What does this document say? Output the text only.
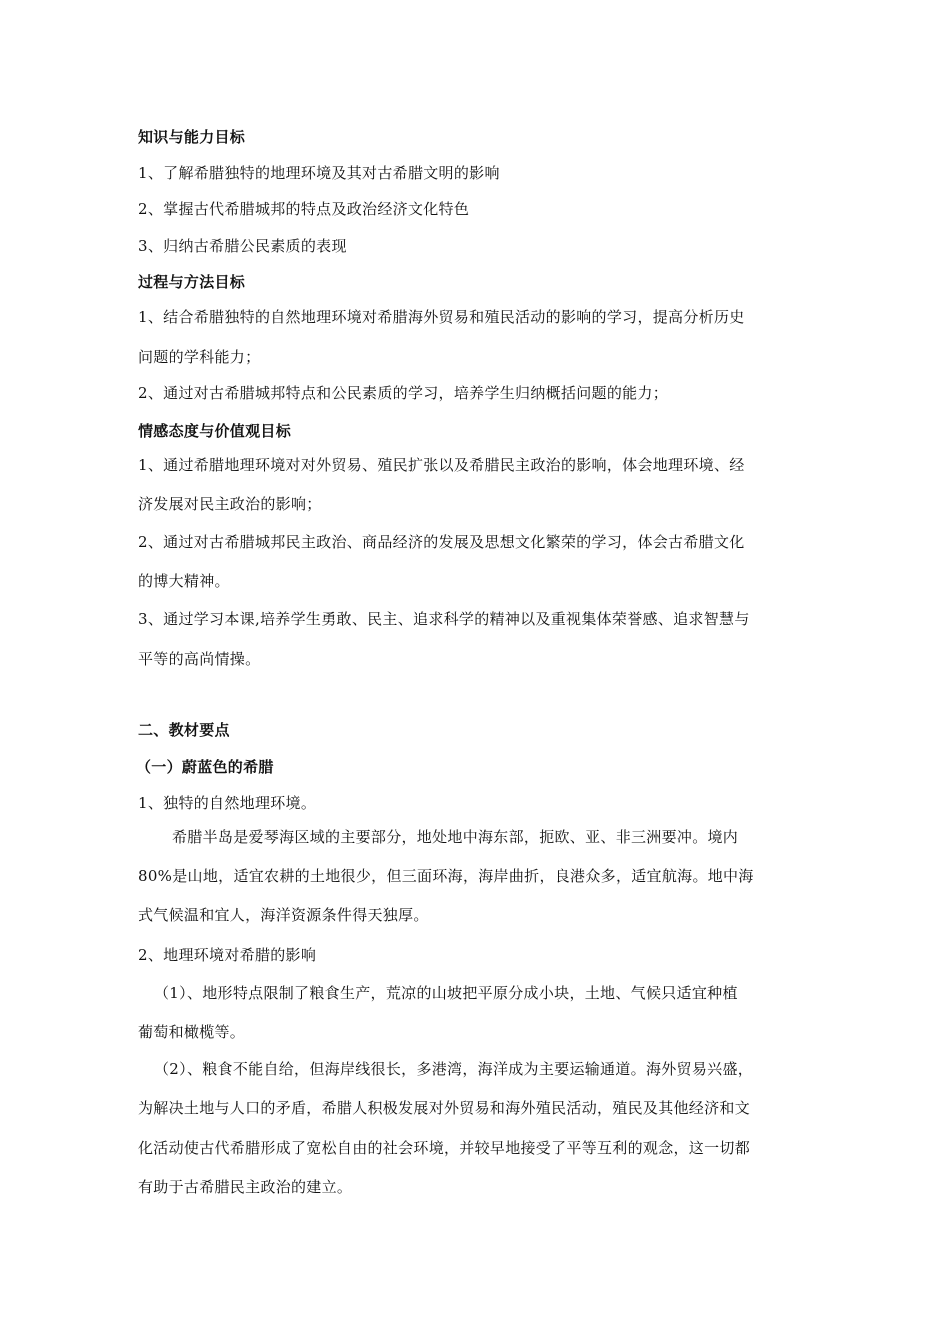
知识与能力目标
1、了解希腊独特的地理环境及其对古希腊文明的影响
2、掌握古代希腊城邦的特点及政治经济文化特色
3、归纳古希腊公民素质的表现
过程与方法目标
1、结合希腊独特的自然地理环境对希腊海外贸易和殖民活动的影响的学习，提高分析历史
问题的学科能力；
2、通过对古希腊城邦特点和公民素质的学习，培养学生归纳概括问题的能力；
情感态度与价值观目标
1、通过希腊地理环境对对外贸易、殖民扩张以及希腊民主政治的影响，体会地理环境、经
济发展对民主政治的影响；
2、通过对古希腊城邦民主政治、商品经济的发展及思想文化繁荣的学习，体会古希腊文化
的博大精神。
3、通过学习本课,培养学生勇敢、民主、追求科学的精神以及重视集体荣誉感、追求智慧与
平等的高尚情操。
二、教材要点
（一）蔚蓝色的希腊
1、独特的自然地理环境。
希腊半岛是爱琴海区域的主要部分，地处地中海东部，扼欧、亚、非三洲要冲。境内
80%是山地，适宜农耕的土地很少，但三面环海，海岸曲折，良港众多，适宜航海。地中海
式气候温和宜人，海洋资源条件得天独厚。
2、地理环境对希腊的影响
（1）、地形特点限制了粮食生产，荒凉的山坡把平原分成小块，土地、气候只适宜种植
葡萄和橄榄等。
（2）、粮食不能自给，但海岸线很长，多港湾，海洋成为主要运输通道。海外贸易兴盛，
为解决土地与人口的矛盾，希腊人积极发展对外贸易和海外殖民活动，殖民及其他经济和文
化活动使古代希腊形成了宽松自由的社会环境，并较早地接受了平等互利的观念，这一切都
有助于古希腊民主政治的建立。
